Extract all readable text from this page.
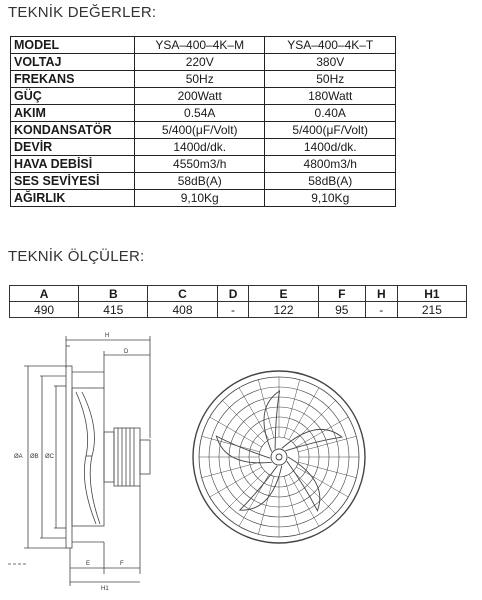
TEKNİK DEĞERLER:
MODEL	YSA–400–4K–M	YSA–400–4K–T
VOLTAJ	220V	380V
FREKANS	50Hz	50Hz
GÜÇ	200Watt	180Watt
AKIM	0.54A	0.40A
KONDANSATÖR	5/400(μF/Volt)	5/400(μF/Volt)
DEVİR	1400d/dk.	1400d/dk.
HAVA DEBİSİ	4550m3/h	4800m3/h
SES SEVİYESİ	58dB(A)	58dB(A)
AĞIRLIK	9,10Kg	9,10Kg
TEKNİK ÖLÇÜLER:
A	B	C	D	E	F	H	H1
490	415	408	-	122	95	-	215
H
D
ØA ØB ØC
E	F
H1
